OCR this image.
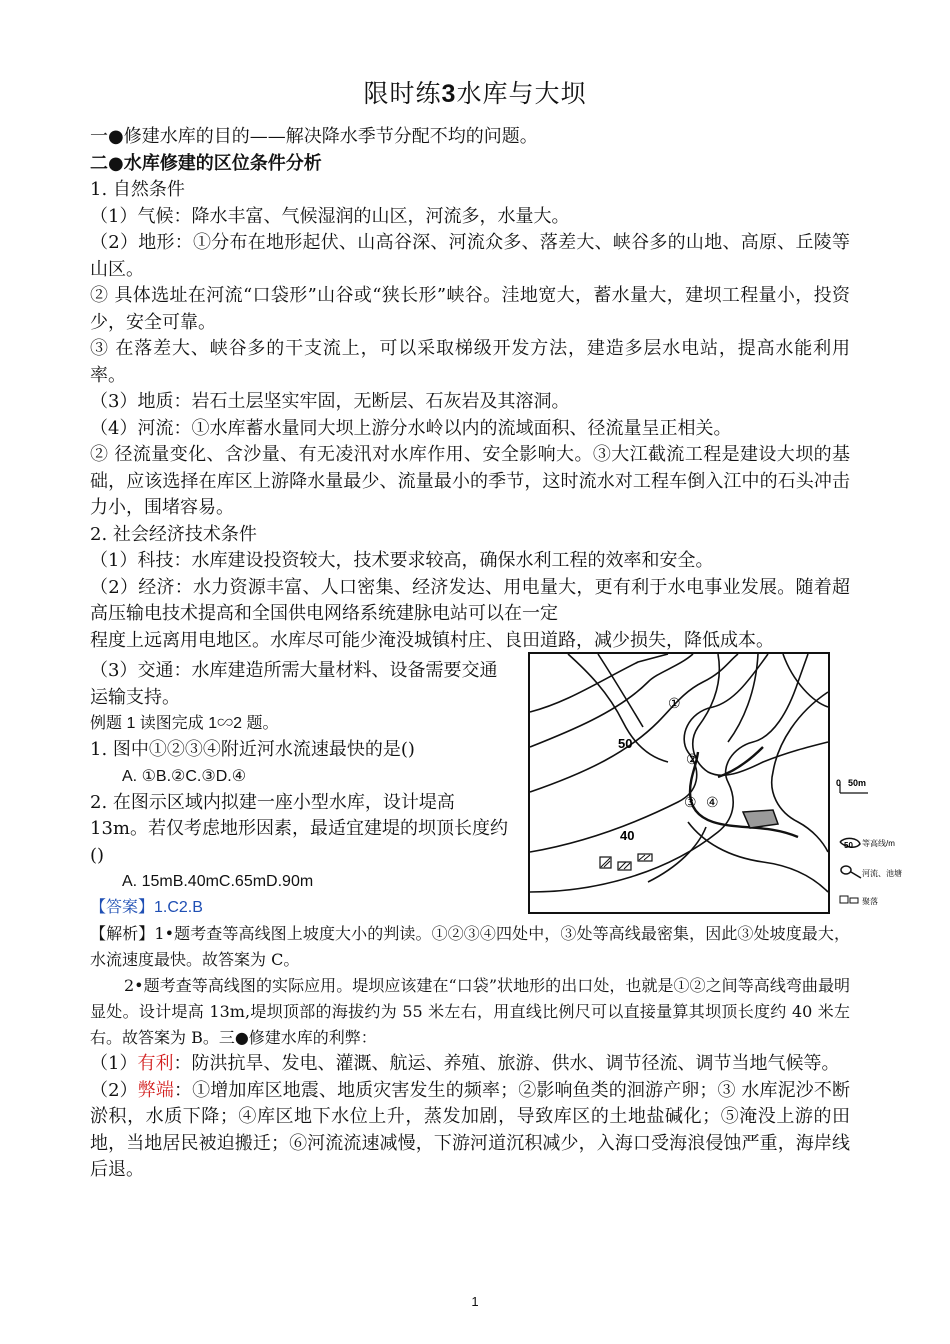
限时练3水库与大坝

一●修建水库的目的——解决降水季节分配不均的问题。

二●水库修建的区位条件分析

1. 自然条件

（1）气候：降水丰富、气候湿润的山区，河流多，水量大。

（2）地形：①分布在地形起伏、山高谷深、河流众多、落差大、峡谷多的山地、高原、丘陵等山区。

② 具体选址在河流“口袋形”山谷或“狭长形”峡谷。洼地宽大，蓄水量大，建坝工程量小，投资少，安全可靠。

③ 在落差大、峡谷多的干支流上，可以采取梯级开发方法，建造多层水电站，提高水能利用率。

（3）地质：岩石土层坚实牢固，无断层、石灰岩及其溶洞。

（4）河流：①水库蓄水量同大坝上游分水岭以内的流域面积、径流量呈正相关。

② 径流量变化、含沙量、有无凌汛对水库作用、安全影响大。③大江截流工程是建设大坝的基础，应该选择在库区上游降水量最少、流量最小的季节，这时流水对工程车倒入江中的石头冲击力小，围堵容易。

2. 社会经济技术条件

（1）科技：水库建设投资较大，技术要求较高，确保水利工程的效率和安全。

（2）经济：水力资源丰富、人口密集、经济发达、用电量大，更有利于水电事业发展。随着超高压输电技术提高和全国供电网络系统建脉电站可以在一定

程度上远离用电地区。水库尽可能少淹没城镇村庄、良田道路，减少损失，降低成本。

（3）交通：水库建造所需大量材料、设备需要交通运输支持。

例题 1 读图完成 1∽2 题。

1. 图中①②③④附近河水流速最快的是()

A. ①B.②C.③D.④

2. 在图示区域内拟建一座小型水库，设计堤高 13m。若仅考虑地形因素，最适宜建堤的坝顶长度约()

A. 15mB.40mC.65mD.90m

【答案】1.C2.B

50
40
①
②
③ ④
0 50m
50 等高线/m
河流、池塘
聚落

【解析】1•题考查等高线图上坡度大小的判读。①②③④四处中，③处等高线最密集，因此③处坡度最大，水流速度最快。故答案为 C。

2•题考查等高线图的实际应用。堤坝应该建在“口袋”状地形的出口处，也就是①②之间等高线弯曲最明显处。设计堤高 13m,堤坝顶部的海拔约为 55 米左右，用直线比例尺可以直接量算其坝顶长度约 40 米左右。故答案为 B。三●修建水库的利弊：

（1）有利：防洪抗旱、发电、灌溉、航运、养殖、旅游、供水、调节径流、调节当地气候等。

（2）弊端：①增加库区地震、地质灾害发生的频率；②影响鱼类的洄游产卵；③ 水库泥沙不断淤积，水质下降；④库区地下水位上升，蒸发加剧，导致库区的土地盐碱化；⑤淹没上游的田地，当地居民被迫搬迁；⑥河流流速减慢，下游河道沉积减少，入海口受海浪侵蚀严重，海岸线后退。

1
